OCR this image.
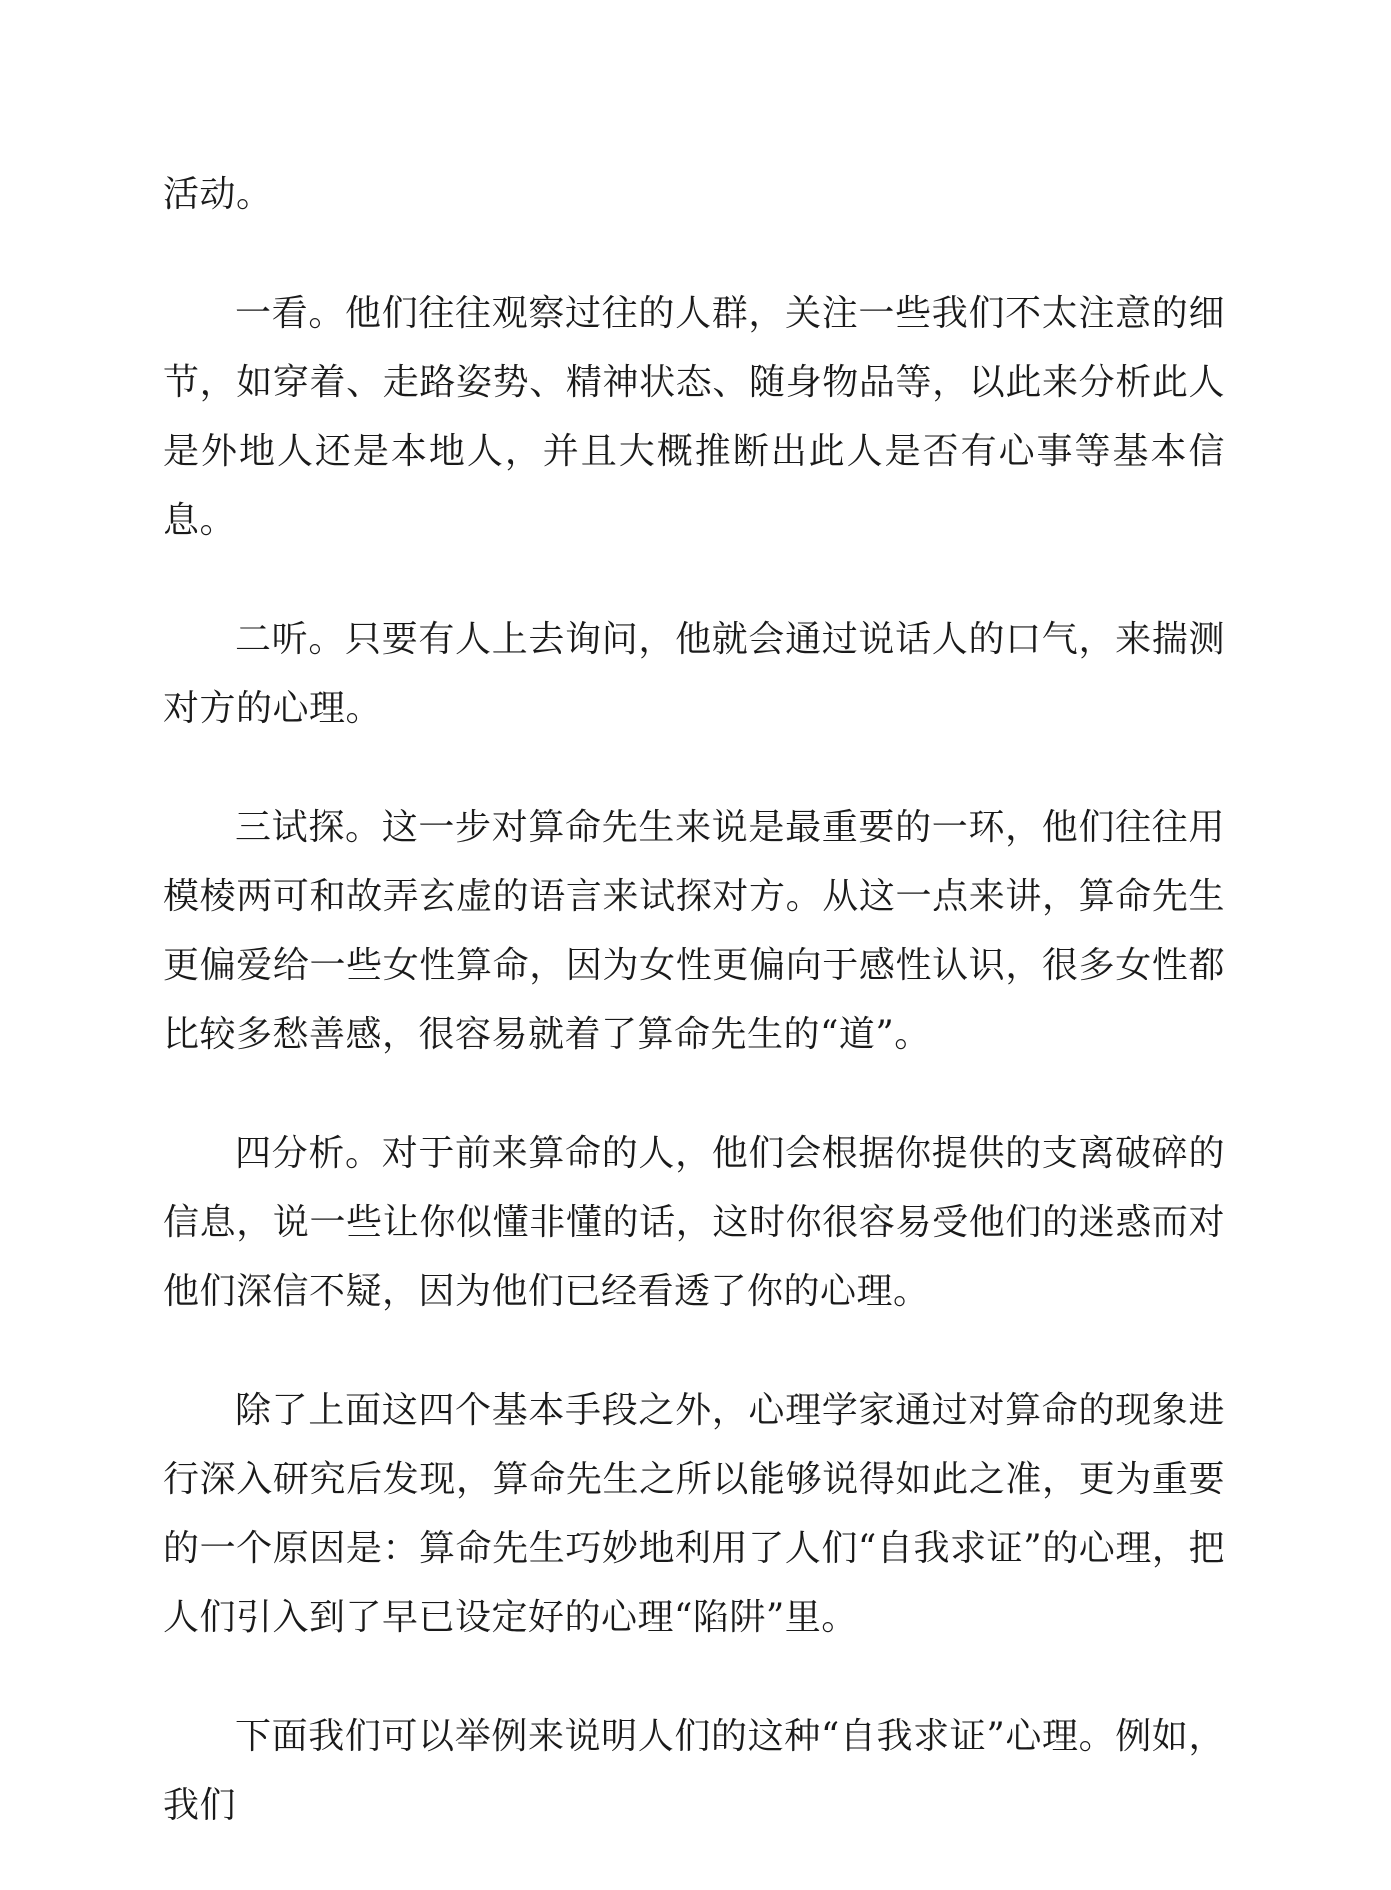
活动。

一看。他们往往观察过往的人群，关注一些我们不太注意的细节，如穿着、走路姿势、精神状态、随身物品等，以此来分析此人是外地人还是本地人，并且大概推断出此人是否有心事等基本信息。

二听。只要有人上去询问，他就会通过说话人的口气，来揣测对方的心理。

三试探。这一步对算命先生来说是最重要的一环，他们往往用模棱两可和故弄玄虚的语言来试探对方。从这一点来讲，算命先生更偏爱给一些女性算命，因为女性更偏向于感性认识，很多女性都比较多愁善感，很容易就着了算命先生的“道”。

四分析。对于前来算命的人，他们会根据你提供的支离破碎的信息，说一些让你似懂非懂的话，这时你很容易受他们的迷惑而对他们深信不疑，因为他们已经看透了你的心理。

除了上面这四个基本手段之外，心理学家通过对算命的现象进行深入研究后发现，算命先生之所以能够说得如此之准，更为重要的一个原因是：算命先生巧妙地利用了人们“自我求证”的心理，把人们引入到了早已设定好的心理“陷阱”里。

下面我们可以举例来说明人们的这种“自我求证”心理。例如，我们
